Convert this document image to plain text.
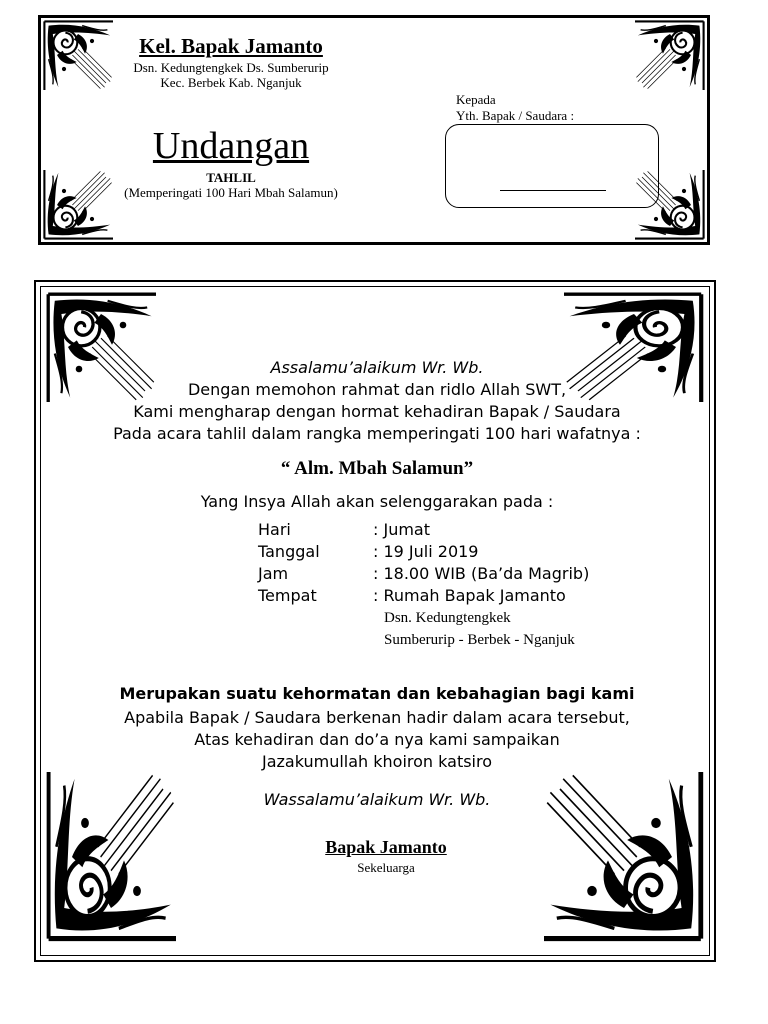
Kel. Bapak Jamanto
Dsn. Kedungtengkek Ds. Sumberurip
Kec. Berbek Kab. Nganjuk
Undangan
TAHLIL
(Memperingati 100 Hari Mbah Salamun)
Kepada
Yth. Bapak / Saudara :
Assalamu’alaikum Wr. Wb.
Dengan memohon rahmat dan ridlo Allah SWT,
Kami mengharap dengan hormat kehadiran Bapak / Saudara
Pada acara tahlil dalam rangka memperingati 100 hari wafatnya :
“ Alm. Mbah Salamun”
Yang Insya Allah akan selenggarakan pada :
Hari	: Jumat
Tanggal	: 19 Juli 2019
Jam	: 18.00 WIB (Ba’da Magrib)
Tempat	: Rumah Bapak Jamanto
Dsn. Kedungtengkek
Sumberurip - Berbek - Nganjuk
Merupakan suatu kehormatan dan kebahagian bagi kami
Apabila Bapak / Saudara berkenan hadir dalam acara tersebut,
Atas kehadiran dan do’a nya kami sampaikan
Jazakumullah khoiron katsiro
Wassalamu’alaikum Wr. Wb.
Bapak Jamanto
Sekeluarga
